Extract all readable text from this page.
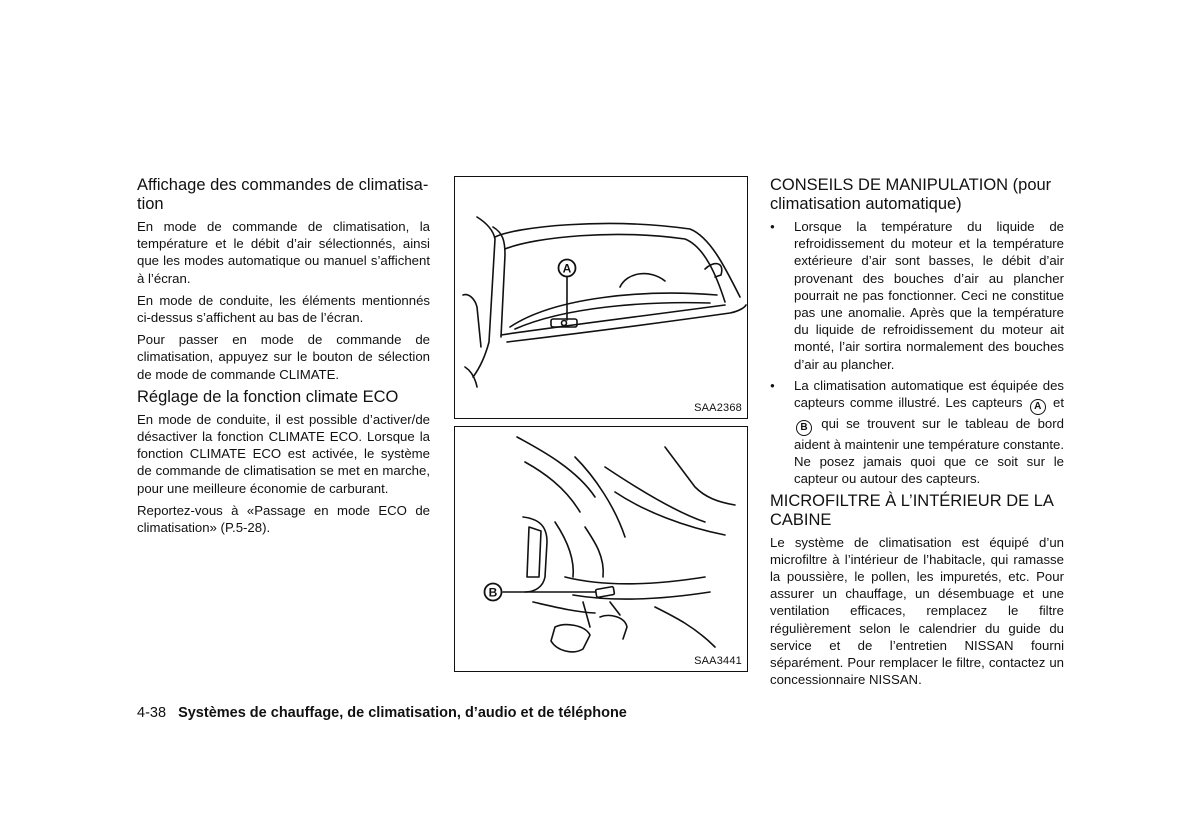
Affichage des commandes de climatisa-
tion

En mode de commande de climatisation, la température et le débit d’air sélectionnés, ainsi que les modes automatique ou manuel s’affichent à l’écran.

En mode de conduite, les éléments mentionnés ci-dessus s’affichent au bas de l’écran.

Pour passer en mode de commande de climatisation, appuyez sur le bouton de sélection de mode de commande CLIMATE.

Réglage de la fonction climate ECO

En mode de conduite, il est possible d’activer/de désactiver la fonction CLIMATE ECO. Lorsque la fonction CLIMATE ECO est activée, le système de commande de climatisation se met en marche, pour une meilleure économie de carburant.

Reportez-vous à «Passage en mode ECO de climatisation» (P.5-28).

A
SAA2368
B
SAA3441
CONSEILS DE MANIPULATION (pour
climatisation automatique)
● Lorsque la température du liquide de refroidissement du moteur et la température extérieure d’air sont basses, le débit d’air provenant des bouches d’air au plancher pourrait ne pas fonctionner. Ceci ne constitue pas une anomalie. Après que la température du liquide de refroidissement du moteur ait monté, l’air sortira normalement des bouches d’air au plancher.
● La climatisation automatique est équipée des capteurs comme illustré. Les capteurs A et B qui se trouvent sur le tableau de bord aident à maintenir une température constante. Ne posez jamais quoi que ce soit sur le capteur ou autour des capteurs.
MICROFILTRE À L’INTÉRIEUR DE LA
CABINE

Le système de climatisation est équipé d’un microfiltre à l’intérieur de l’habitacle, qui ramasse la poussière, le pollen, les impuretés, etc. Pour assurer un chauffage, un désembuage et une ventilation efficaces, remplacez le filtre régulièrement selon le calendrier du guide du service et de l’entretien NISSAN fourni séparément. Pour remplacer le filtre, contactez un concessionnaire NISSAN.

4-38 Systèmes de chauffage, de climatisation, d’audio et de téléphone
